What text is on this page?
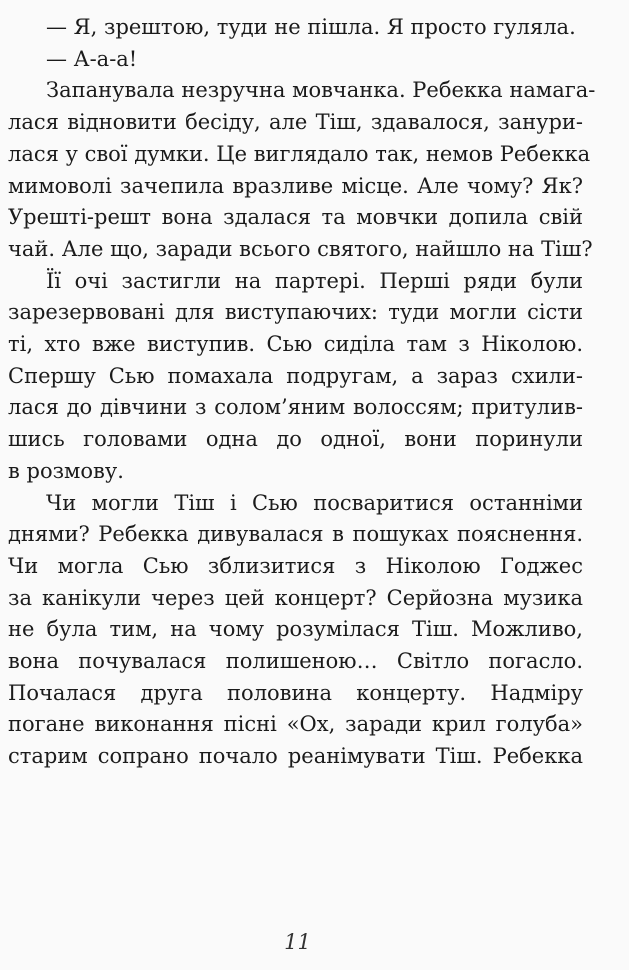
— Я, зрештою, туди не пішла. Я просто гуляла.

— А-а-а!

Запанувала незручна мовчанка. Ребекка намага-
лася відновити бесіду, але Тіш, здавалося, зануpи-
лася у свої думки. Це виглядало так, немов Ребекка
мимоволі зачепила вразливе місце. Але чому? Як?
Урешті-решт вона здалася та мовчки допила свій
чай. Але що, заради всього святого, найшло на Тіш?

Її очі застигли на партері. Перші ряди були
зарезервовані для виступаючих: туди могли сісти
ті, хто вже виступив. Сью сиділа там з Ніколою.
Спершу Сью помахала подругам, а зараз схили-
лася до дівчини з солом’яним волоссям; притулив-
шись головами одна до одної, вони поринули
в розмову.

Чи могли Тіш і Сью посваритися останніми
днями? Ребекка дивувалася в пошуках пояснення.
Чи могла Сью зблизитися з Ніколою Годжес
за канікули через цей концерт? Серйозна музика
не була тим, на чому розумілася Тіш. Можливо,
вона почувалася полишеною… Світло погасло.
Почалася друга половина концерту. Надміру
погане виконання пісні «Ох, заради крил голуба»
старим сопрано почало реанімувати Тіш. Ребекка

11
